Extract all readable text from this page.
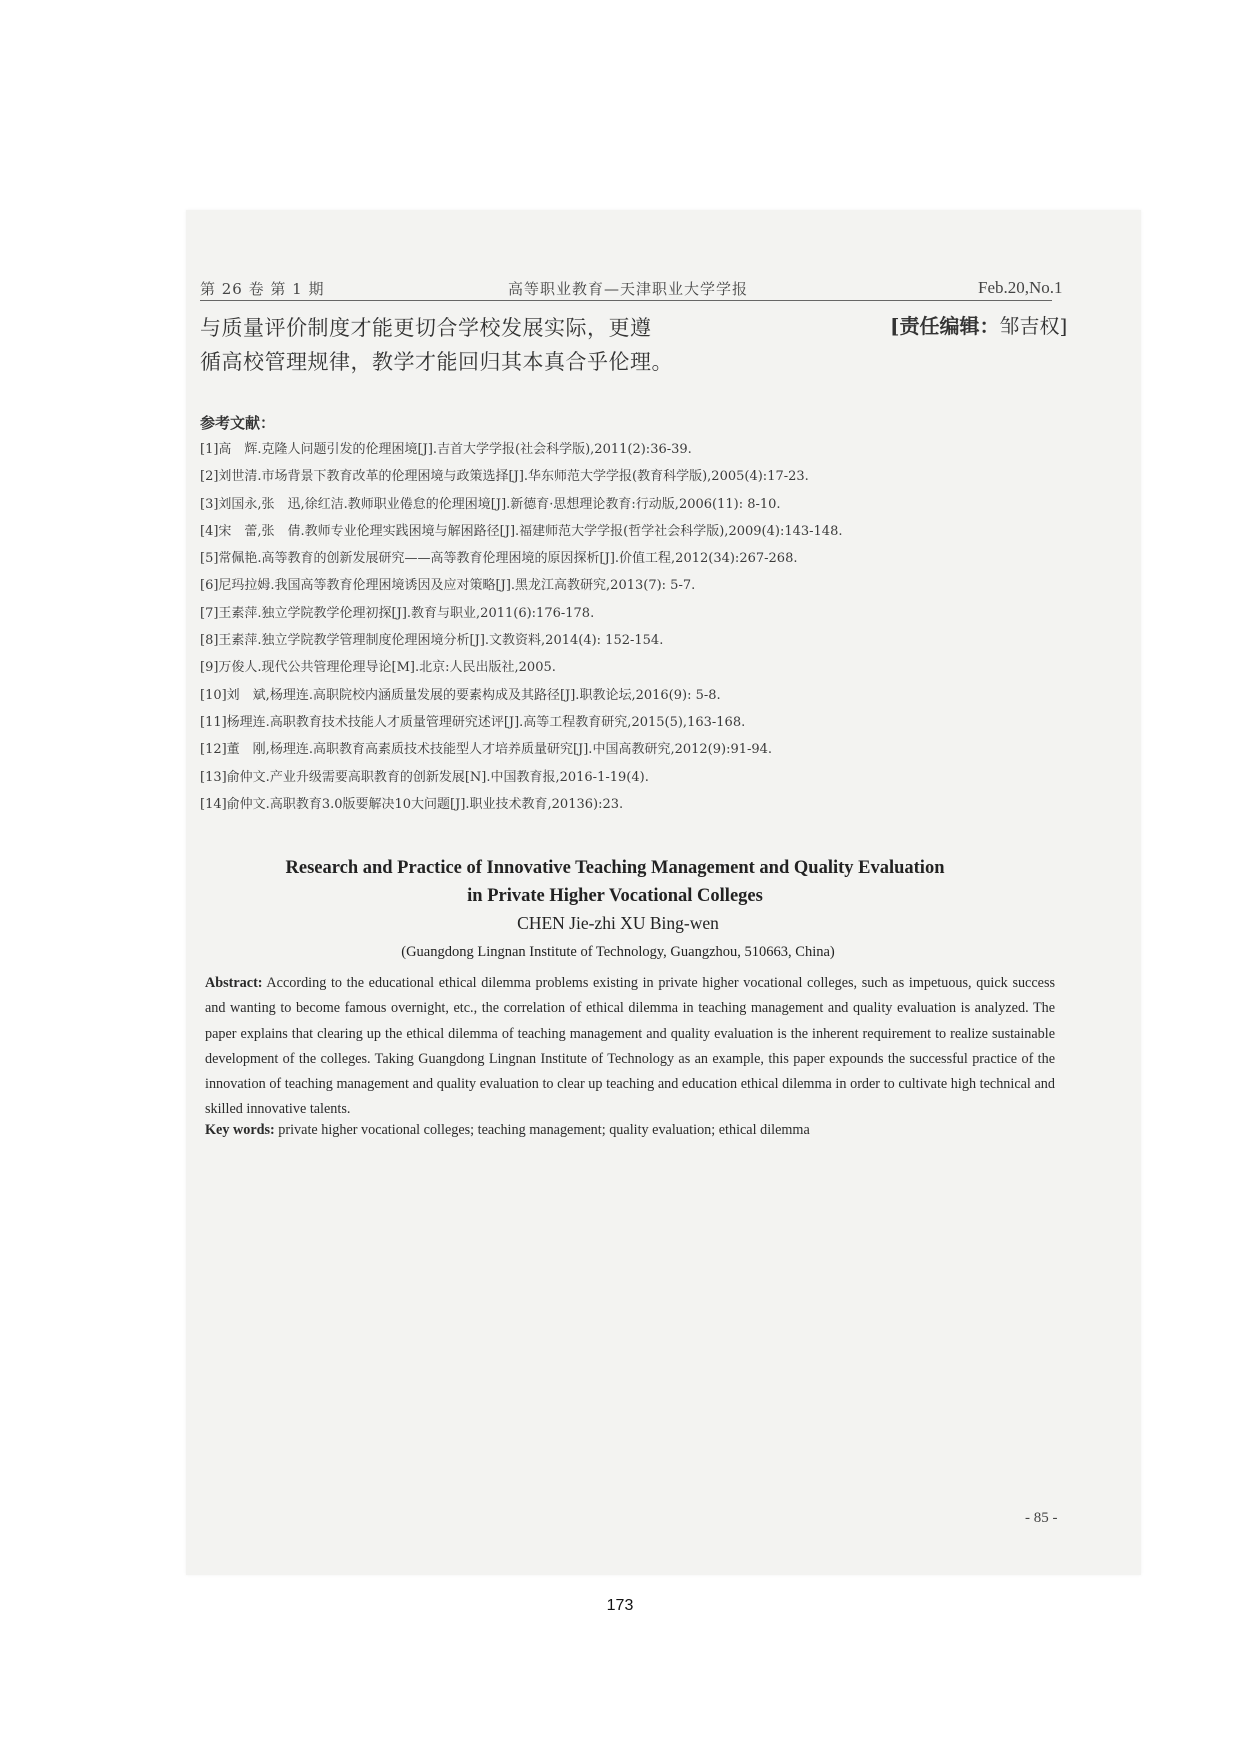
第 26 卷 第 1 期	高等职业教育—天津职业大学学报	Feb.20,No.1
与质量评价制度才能更切合学校发展实际，更遵
循高校管理规律，教学才能回归其本真合乎伦理。
[责任编辑：邹吉权]
参考文献：
[1]高　辉.克隆人问题引发的伦理困境[J].吉首大学学报(社会科学版),2011(2):36-39.
[2]刘世清.市场背景下教育改革的伦理困境与政策选择[J].华东师范大学学报(教育科学版),2005(4):17-23.
[3]刘国永,张　迅,徐红洁.教师职业倦怠的伦理困境[J].新德育·思想理论教育:行动版,2006(11): 8-10.
[4]宋　蕾,张　倩.教师专业伦理实践困境与解困路径[J].福建师范大学学报(哲学社会科学版),2009(4):143-148.
[5]常佩艳.高等教育的创新发展研究——高等教育伦理困境的原因探析[J].价值工程,2012(34):267-268.
[6]尼玛拉姆.我国高等教育伦理困境诱因及应对策略[J].黑龙江高教研究,2013(7): 5-7.
[7]王素萍.独立学院教学伦理初探[J].教育与职业,2011(6):176-178.
[8]王素萍.独立学院教学管理制度伦理困境分析[J].文教资料,2014(4): 152-154.
[9]万俊人.现代公共管理伦理导论[M].北京:人民出版社,2005.
[10]刘　斌,杨理连.高职院校内涵质量发展的要素构成及其路径[J].职教论坛,2016(9): 5-8.
[11]杨理连.高职教育技术技能人才质量管理研究述评[J].高等工程教育研究,2015(5),163-168.
[12]董　刚,杨理连.高职教育高素质技术技能型人才培养质量研究[J].中国高教研究,2012(9):91-94.
[13]俞仲文.产业升级需要高职教育的创新发展[N].中国教育报,2016-1-19(4).
[14]俞仲文.高职教育3.0版要解决10大问题[J].职业技术教育,20136):23.
Research and Practice of Innovative Teaching Management and Quality Evaluation
in Private Higher Vocational Colleges
CHEN Jie-zhi XU Bing-wen
(Guangdong Lingnan Institute of Technology, Guangzhou, 510663, China)
Abstract: According to the educational ethical dilemma problems existing in private higher vocational colleges, such as impetuous, quick success and wanting to become famous overnight, etc., the correlation of ethical dilemma in teaching management and quality evaluation is analyzed. The paper explains that clearing up the ethical dilemma of teaching management and quality evaluation is the inherent requirement to realize sustainable development of the colleges. Taking Guangdong Lingnan Institute of Technology as an example, this paper expounds the successful practice of the innovation of teaching management and quality evaluation to clear up teaching and education ethical dilemma in order to cultivate high technical and skilled innovative talents.
Key words: private higher vocational colleges; teaching management; quality evaluation; ethical dilemma
- 85 -
173
